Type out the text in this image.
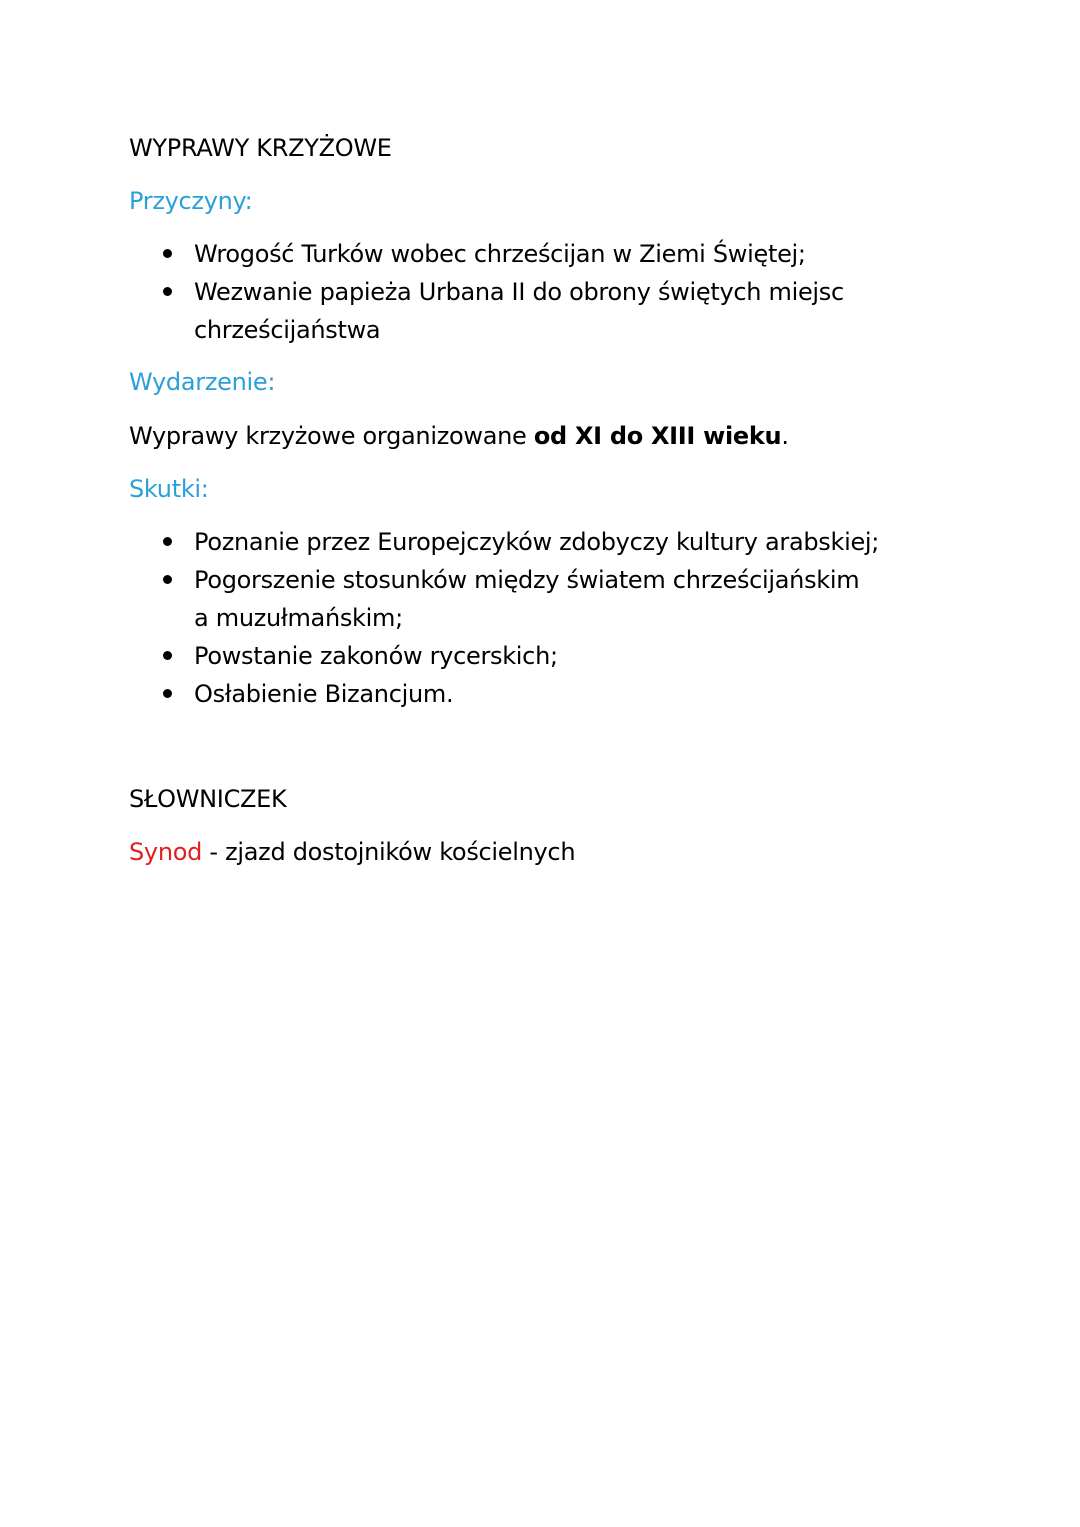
WYPRAWY KRZYŻOWE
Przyczyny:
Wrogość Turków wobec chrześcijan w Ziemi Świętej;
Wezwanie papieża Urbana II do obrony świętych miejsc
chrześcijaństwa
Wydarzenie:
Wyprawy krzyżowe organizowane od XI do XIII wieku.
Skutki:
Poznanie przez Europejczyków zdobyczy kultury arabskiej;
Pogorszenie stosunków między światem chrześcijańskim
a muzułmańskim;
Powstanie zakonów rycerskich;
Osłabienie Bizancjum.
SŁOWNICZEK
Synod - zjazd dostojników kościelnych
